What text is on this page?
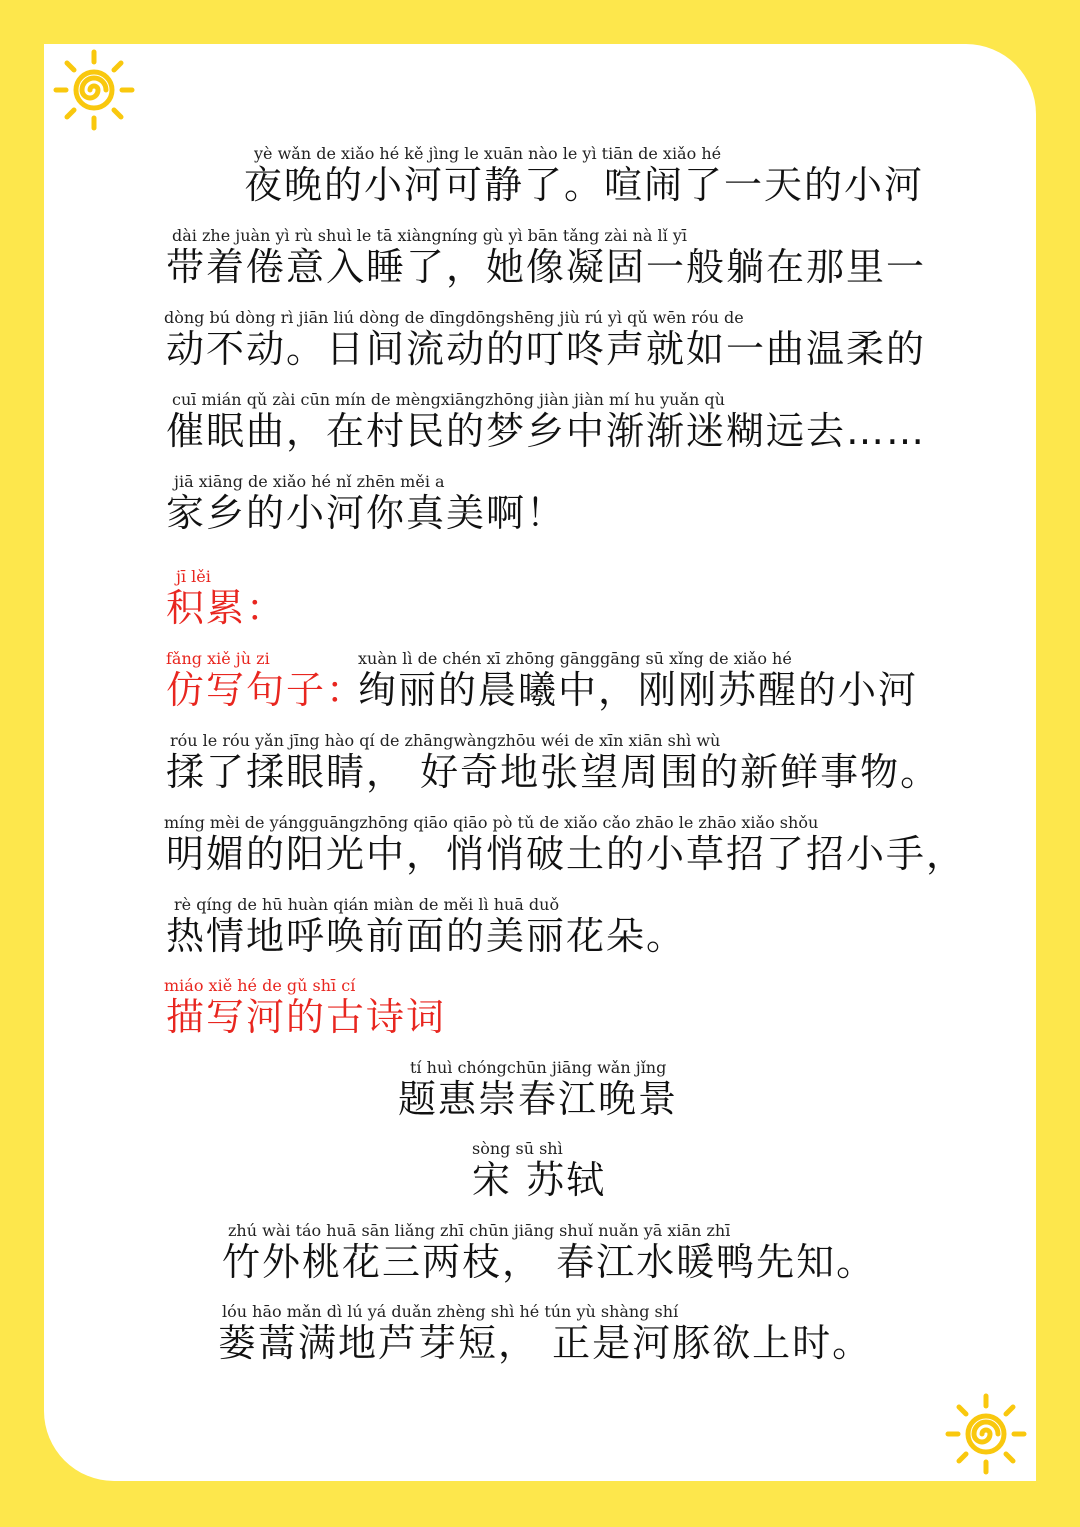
yè wǎn de xiǎo hé kě jìng le xuān nào le yì tiān de xiǎo hé
夜晚的小河可静了。喧闹了一天的小河
dài zhe juàn yì rù shuì le tā xiàngníng gù yì bān tǎng zài nà lǐ yī
带着倦意入睡了，她像凝固一般躺在那里一
dòng bú dòng rì jiān liú dòng de dīngdōngshēng jiù rú yì qǔ wēn róu de
动不动。日间流动的叮咚声就如一曲温柔的
cuī mián qǔ zài cūn mín de mèngxiāngzhōng jiàn jiàn mí hu yuǎn qù
催眠曲，在村民的梦乡中渐渐迷糊远去……
jiā xiāng de xiǎo hé nǐ zhēn měi a
家乡的小河你真美啊！
jī lěi
积累：
fǎng xiě jù zi
仿写句子：
xuàn lì de chén xī zhōng gānggāng sū xǐng de xiǎo hé
绚丽的晨曦中，刚刚苏醒的小河
róu le róu yǎn jīng hào qí de zhāngwàngzhōu wéi de xīn xiān shì wù
揉了揉眼睛， 好奇地张望周围的新鲜事物。
míng mèi de yángguāngzhōng qiāo qiāo pò tǔ de xiǎo cǎo zhāo le zhāo xiǎo shǒu
明媚的阳光中，悄悄破土的小草招了招小手，
rè qíng de hū huàn qián miàn de měi lì huā duǒ
热情地呼唤前面的美丽花朵。
miáo xiě hé de gǔ shī cí
描写河的古诗词
tí huì chóngchūn jiāng wǎn jǐng
题惠崇春江晚景
sòng sū shì
宋 苏轼
zhú wài táo huā sān liǎng zhī chūn jiāng shuǐ nuǎn yā xiān zhī
竹外桃花三两枝， 春江水暖鸭先知。
lóu hāo mǎn dì lú yá duǎn zhèng shì hé tún yù shàng shí
蒌蒿满地芦芽短， 正是河豚欲上时。
